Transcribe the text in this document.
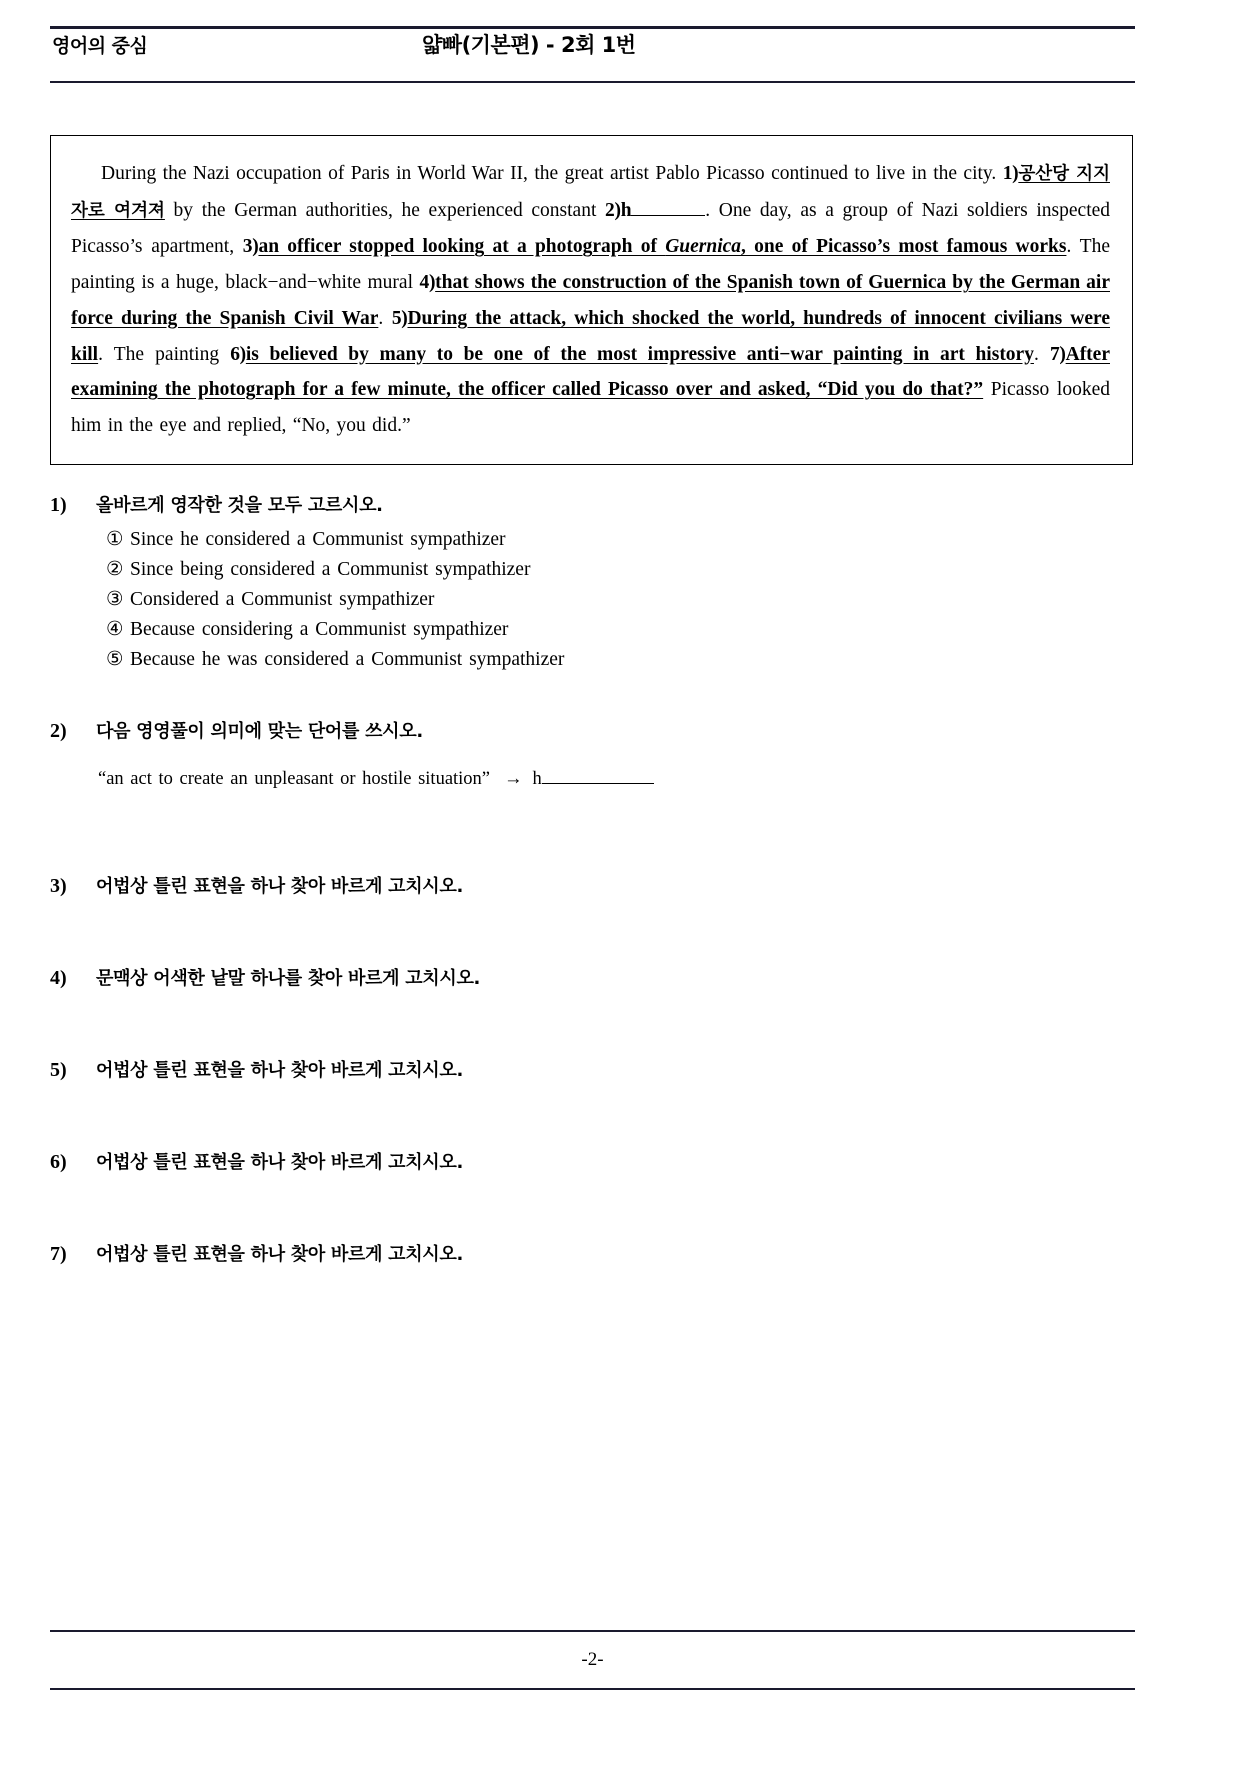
영어의 중심	얇빠(기본편) - 2회 1번
During the Nazi occupation of Paris in World War II, the great artist Pablo Picasso continued to live in the city. 1)공산당 지지자로 여겨져 by the German authorities, he experienced constant 2)h	. One day, as a group of Nazi soldiers inspected Picasso’s apartment, 3)an officer stopped looking at a photograph of Guernica, one of Picasso’s most famous works. The painting is a huge, black−and−white mural 4)that shows the construction of the Spanish town of Guernica by the German air force during the Spanish Civil War. 5)During the attack, which shocked the world, hundreds of innocent civilians were kill. The painting 6)is believed by many to be one of the most impressive anti−war painting in art history. 7)After examining the photograph for a few minute, the officer called Picasso over and asked, “Did you do that?” Picasso looked him in the eye and replied, “No, you did.”
1)	올바르게 영작한 것을 모두 고르시오.
① Since he considered a Communist sympathizer
② Since being considered a Communist sympathizer
③ Considered a Communist sympathizer
④ Because considering a Communist sympathizer
⑤ Because he was considered a Communist sympathizer
2)	다음 영영풀이 의미에 맞는 단어를 쓰시오.
“an act to create an unpleasant or hostile situation” → h
3)	어법상 틀린 표현을 하나 찾아 바르게 고치시오.
4)	문맥상 어색한 낱말 하나를 찾아 바르게 고치시오.
5)	어법상 틀린 표현을 하나 찾아 바르게 고치시오.
6)	어법상 틀린 표현을 하나 찾아 바르게 고치시오.
7)	어법상 틀린 표현을 하나 찾아 바르게 고치시오.
-2-
